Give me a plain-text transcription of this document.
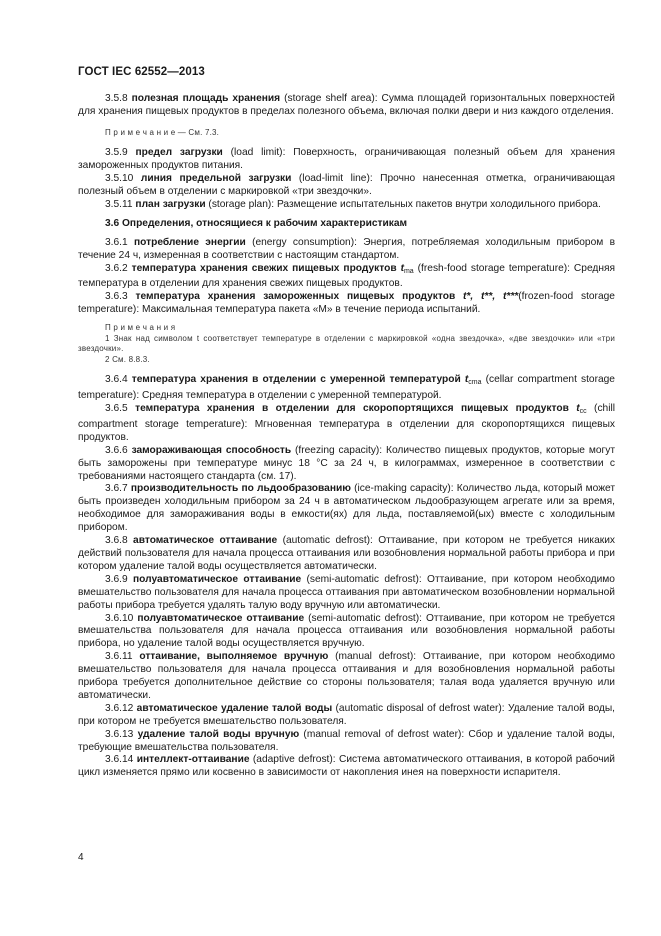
ГОСТ IEC 62552—2013

3.5.8 полезная площадь хранения (storage shelf area): Сумма площадей горизонтальных поверхностей для хранения пищевых продуктов в пределах полезного объема, включая полки двери и низ каждого отделения.

П р и м е ч а н и е — См. 7.3.

3.5.9 предел загрузки (load limit): Поверхность, ограничивающая полезный объем для хранения замороженных продуктов питания.

3.5.10 линия предельной загрузки (load-limit line): Прочно нанесенная отметка, ограничивающая полезный объем в отделении с маркировкой «три звездочки».

3.5.11 план загрузки (storage plan): Размещение испытательных пакетов внутри холодильного прибора.

3.6 Определения, относящиеся к рабочим характеристикам

3.6.1 потребление энергии (energy consumption): Энергия, потребляемая холодильным прибором в течение 24 ч, измеренная в соответствии с настоящим стандартом.

3.6.2 температура хранения свежих пищевых продуктов $t_{ma}$ (fresh-food storage temperature): Средняя температура в отделении для хранения свежих пищевых продуктов.

3.6.3 температура хранения замороженных пищевых продуктов t*, t**, t***(frozen-food storage temperature): Максимальная температура пакета «М» в течение периода испытаний.

П р и м е ч а н и я

1 Знак над символом t соответствует температуре в отделении с маркировкой «одна звездочка», «две звездочки» или «три звездочки».

2 См. 8.8.3.

3.6.4 температура хранения в отделении с умеренной температурой $t_{cma}$ (cellar compartment storage temperature): Средняя температура в отделении с умеренной температурой.

3.6.5 температура хранения в отделении для скоропортящихся пищевых продуктов $t_{cc}$ (chill compartment storage temperature): Мгновенная температура в отделении для скоропортящихся пищевых продуктов.

3.6.6 замораживающая способность (freezing capacity): Количество пищевых продуктов, которые могут быть заморожены при температуре минус 18 °С за 24 ч, в килограммах, измеренное в соответствии с требованиями настоящего стандарта (см. 17).

3.6.7 производительность по льдообразованию (ice-making capacity): Количество льда, который может быть произведен холодильным прибором за 24 ч в автоматическом льдообразующем агрегате или за время, необходимое для замораживания воды в емкости(ях) для льда, поставляемой(ых) вместе с холодильным прибором.

3.6.8 автоматическое оттаивание (automatic defrost): Оттаивание, при котором не требуется никаких действий пользователя для начала процесса оттаивания или возобновления нормальной работы прибора и при котором удаление талой воды осуществляется автоматически.

3.6.9 полуавтоматическое оттаивание (semi-automatic defrost): Оттаивание, при котором необходимо вмешательство пользователя для начала процесса оттаивания при автоматическом возобновлении нормальной работы прибора требуется удалять талую воду вручную или автоматически.

3.6.10 полуавтоматическое оттаивание (semi-automatic defrost): Оттаивание, при котором не требуется вмешательства пользователя для начала процесса оттаивания или возобновления нормальной работы прибора, но удаление талой воды осуществляется вручную.

3.6.11 оттаивание, выполняемое вручную (manual defrost): Оттаивание, при котором необходимо вмешательство пользователя для начала процесса оттаивания и для возобновления нормальной работы прибора требуется дополнительное действие со стороны пользователя; талая вода удаляется вручную или автоматически.

3.6.12 автоматическое удаление талой воды (automatic disposal of defrost water): Удаление талой воды, при котором не требуется вмешательство пользователя.

3.6.13 удаление талой воды вручную (manual removal of defrost water): Сбор и удаление талой воды, требующие вмешательства пользователя.

3.6.14 интеллект-оттаивание (adaptive defrost): Система автоматического оттаивания, в которой рабочий цикл изменяется прямо или косвенно в зависимости от накопления инея на поверхности испарителя.

4
